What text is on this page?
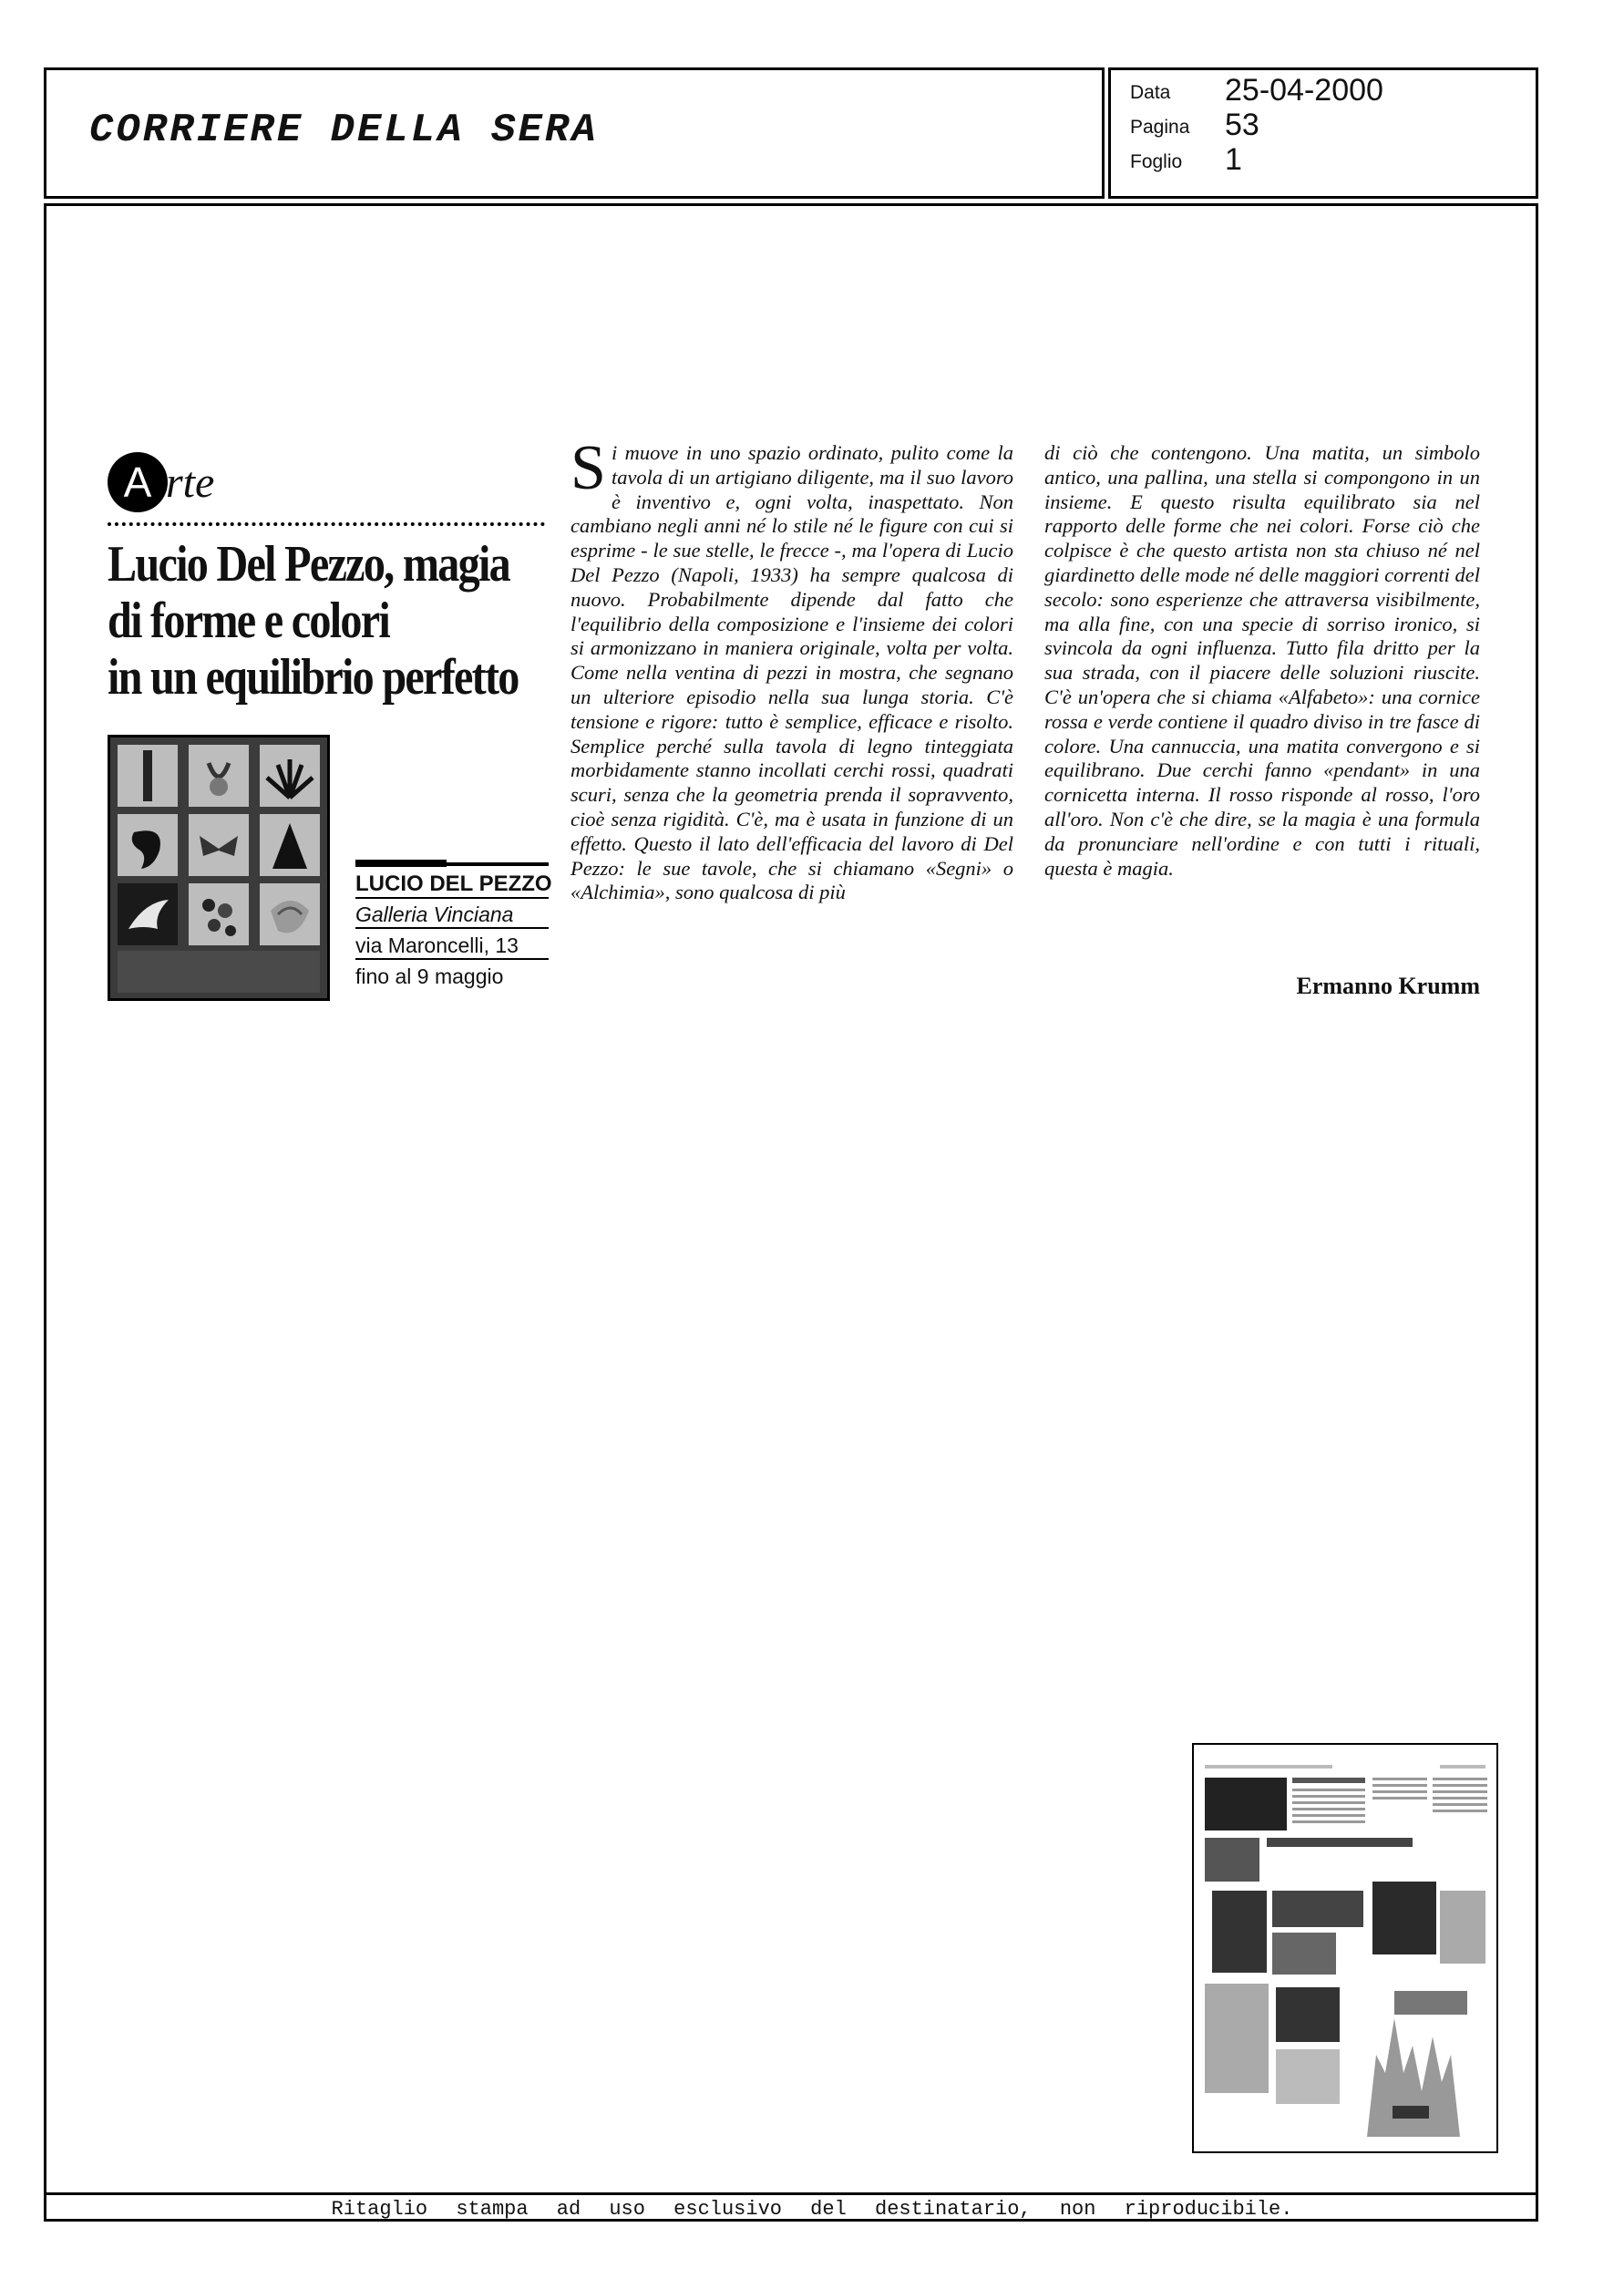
CORRIERE DELLA SERA
Data 25-04-2000
Pagina 53
Foglio 1
A rte
Lucio Del Pezzo, magia
di forme e colori
in un equilibrio perfetto
LUCIO DEL PEZZO
Galleria Vinciana
via Maroncelli, 13
fino al 9 maggio
S i muove in uno spazio ordinato, pulito come la tavola di un artigiano diligente, ma il suo lavoro è inventivo e, ogni volta, inaspettato. Non cambiano negli anni né lo stile né le figure con cui si esprime - le sue stelle, le frecce -, ma l'opera di Lucio Del Pezzo (Napoli, 1933) ha sempre qualcosa di nuovo. Probabilmente dipende dal fatto che l'equilibrio della composizione e l'insieme dei colori si armonizzano in maniera originale, volta per volta. Come nella ventina di pezzi in mostra, che segnano un ulteriore episodio nella sua lunga storia. C'è tensione e rigore: tutto è semplice, efficace e risolto. Semplice perché sulla tavola di legno tinteggiata morbidamente stanno incollati cerchi rossi, quadrati scuri, senza che la geometria prenda il sopravvento, cioè senza rigidità. C'è, ma è usata in funzione di un effetto. Questo il lato dell'efficacia del lavoro di Del Pezzo: le sue tavole, che si chiamano «Segni» o «Alchimia», sono qualcosa di più
di ciò che contengono. Una matita, un simbolo antico, una pallina, una stella si compongono in un insieme. E questo risulta equilibrato sia nel rapporto delle forme che nei colori. Forse ciò che colpisce è che questo artista non sta chiuso né nel giardinetto delle mode né delle maggiori correnti del secolo: sono esperienze che attraversa visibilmente, ma alla fine, con una specie di sorriso ironico, si svincola da ogni influenza. Tutto fila dritto per la sua strada, con il piacere delle soluzioni riuscite. C'è un'opera che si chiama «Alfabeto»: una cornice rossa e verde contiene il quadro diviso in tre fasce di colore. Una cannuccia, una matita convergono e si equilibrano. Due cerchi fanno «pendant» in una cornicetta interna. Il rosso risponde al rosso, l'oro all'oro. Non c'è che dire, se la magia è una formula da pronunciare nell'ordine e con tutti i rituali, questa è magia.
Ermanno Krumm
Ritaglio stampa ad uso esclusivo del destinatario, non riproducibile.
